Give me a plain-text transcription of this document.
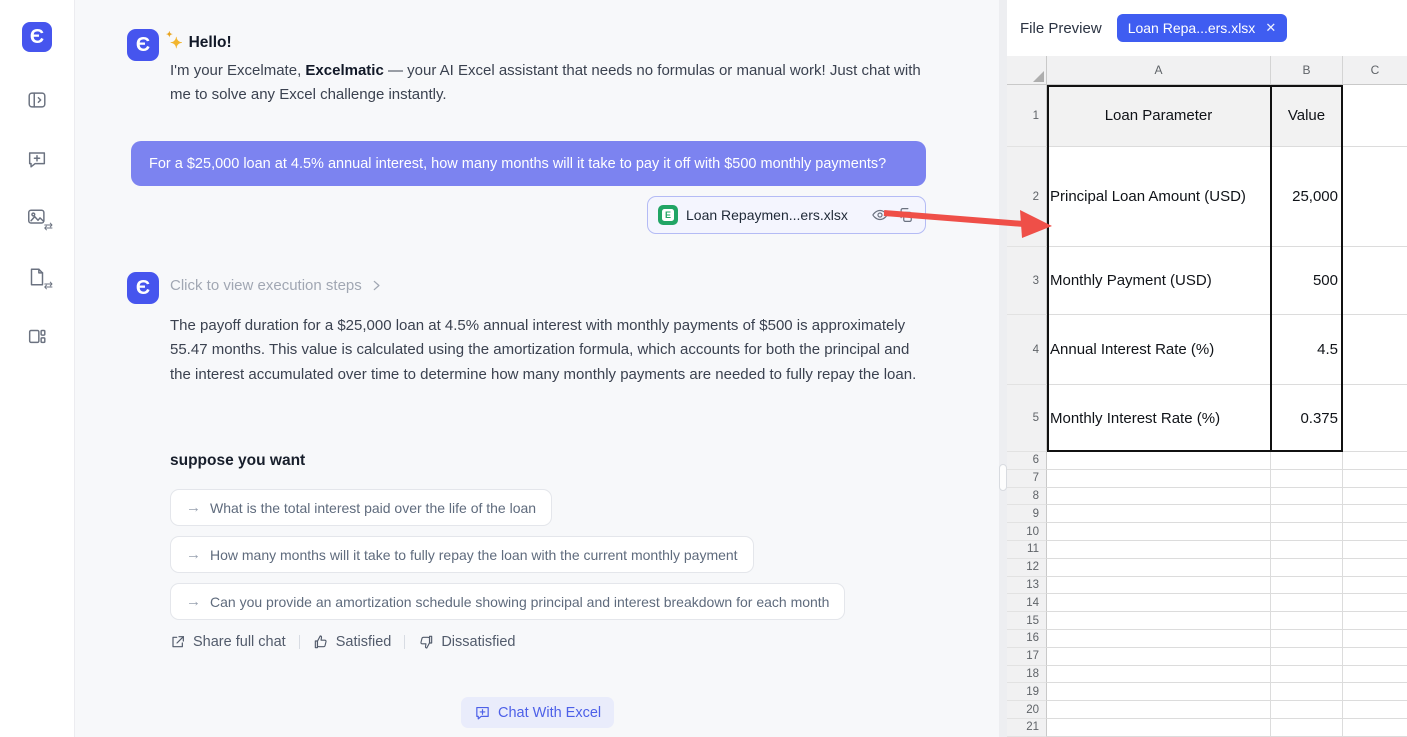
Є
⇄
⇄
Є ✦
✦ Hello!

I'm your Excelmate, Excelmatic — your AI Excel assistant that needs no formulas or manual work! Just chat with me to solve any Excel challenge instantly.

For a $25,000 loan at 4.5% annual interest, how many months will it take to pay it off with $500 monthly payments?
E Loan Repaymen...ers.xlsx
Є Click to view execution steps

The payoff duration for a $25,000 loan at 4.5% annual interest with monthly payments of $500 is approximately 55.47 months. This value is calculated using the amortization formula, which accounts for both the principal and the interest accumulated over time to determine how many monthly payments are needed to fully repay the loan.

suppose you want
→ What is the total interest paid over the life of the loan
→ How many months will it take to fully repay the loan with the current monthly payment
→ Can you provide an amortization schedule showing principal and interest breakdown for each month
Share full chat	Satisfied	Dissatisfied
Chat With Excel
File Preview Loan Repa...ers.xlsx ✕
A	B	C
1	Loan Parameter	Value
2 Principal Loan Amount (USD)	25,000
3 Monthly Payment (USD)	500
4 Annual Interest Rate (%)	4.5
5 Monthly Interest Rate (%)	0.375
6
7
8
9
10
11
12
13
14
15
16
17
18
19
20
21
